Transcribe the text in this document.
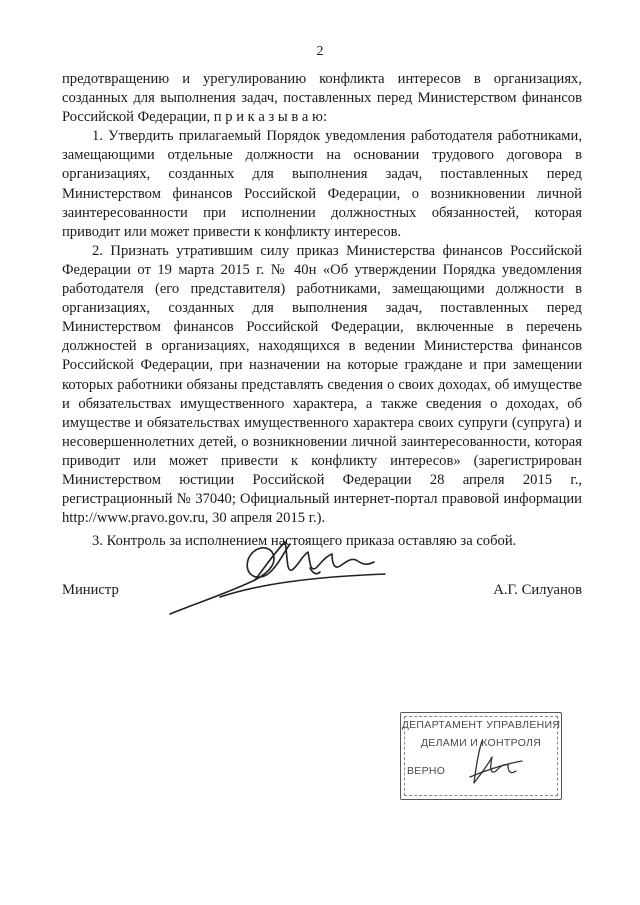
2

предотвращению и урегулированию конфликта интересов в организациях, созданных для выполнения задач, поставленных перед Министерством финансов Российской Федерации, п р и к а з ы в а ю:

1. Утвердить прилагаемый Порядок уведомления работодателя работниками, замещающими отдельные должности на основании трудового договора в организациях, созданных для выполнения задач, поставленных перед Министерством финансов Российской Федерации, о возникновении личной заинтересованности при исполнении должностных обязанностей, которая приводит или может привести к конфликту интересов.

2. Признать утратившим силу приказ Министерства финансов Российской Федерации от 19 марта 2015 г. № 40н «Об утверждении Порядка уведомления работодателя (его представителя) работниками, замещающими должности в организациях, созданных для выполнения задач, поставленных перед Министерством финансов Российской Федерации, включенные в перечень должностей в организациях, находящихся в ведении Министерства финансов Российской Федерации, при назначении на которые граждане и при замещении которых работники обязаны представлять сведения о своих доходах, об имуществе и обязательствах имущественного характера, а также сведения о доходах, об имуществе и обязательствах имущественного характера своих супруги (супруга) и несовершеннолетних детей, о возникновении личной заинтересованности, которая приводит или может привести к конфликту интересов» (зарегистрирован Министерством юстиции Российской Федерации 28 апреля 2015 г., регистрационный № 37040; Официальный интернет-портал правовой информации http://www.pravo.gov.ru, 30 апреля 2015 г.).

3. Контроль за исполнением настоящего приказа оставляю за собой.

Министр	А.Г. Силуанов
ДЕПАРТАМЕНТ УПРАВЛЕНИЯ
ДЕЛАМИ И КОНТРОЛЯ
ВЕРНО
